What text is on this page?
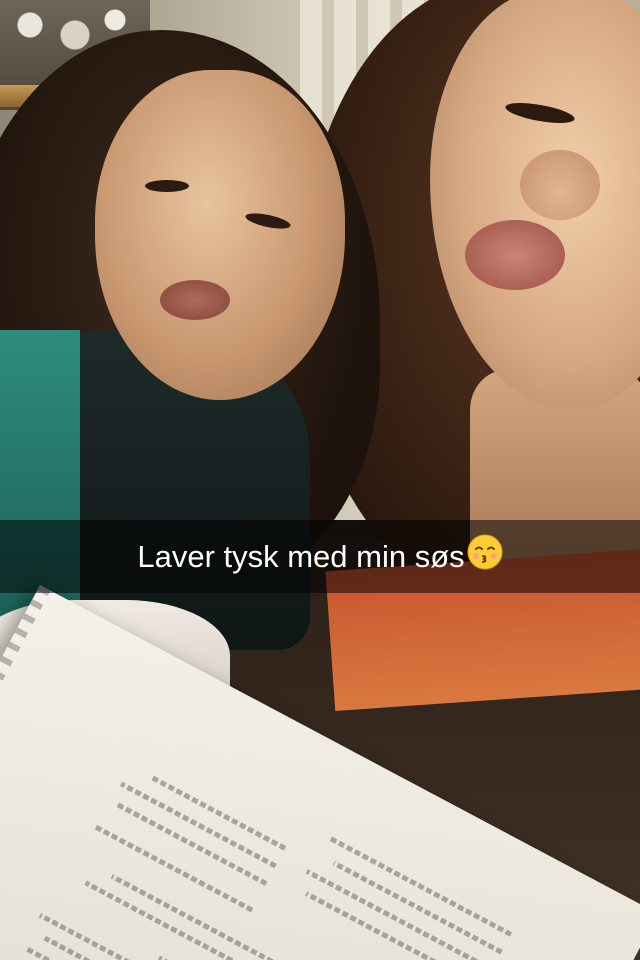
Laver tysk med min søs
